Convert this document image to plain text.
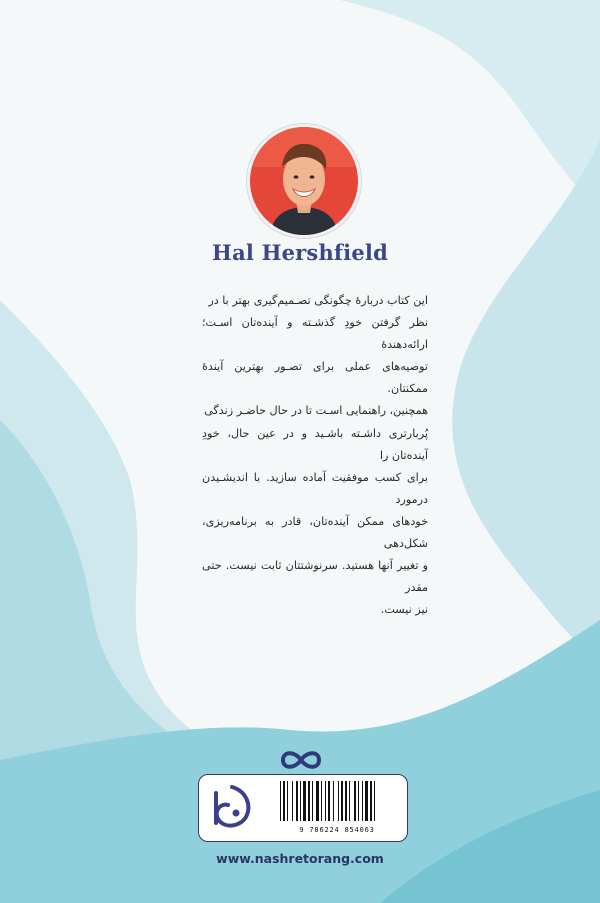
Hal Hershfield
این کتاب دربارهٔ چگونگی تصـمیم‌گیری بهتر با در
نظر گرفتن خودِ گذشـته و آینده‌تان اسـت؛ ارائه‌دهندهٔ
توصیه‌های عملی برای تصـور بهترین آیندهٔ ممکنتان.
همچنین، راهنمایی اسـت تا در حال حاضـر زندگی
پُربارتری داشـته باشـید و در عین حال، خودِ آینده‌تان را
برای کسب موفقیت آماده سازید. با اندیشـیدن درمورد
خودهای ممکن آینده‌تان، قادر به برنامه‌ریزی، شکل‌دهی
و تغییر آنها هستید. سرنوشتتان ثابت نیست. حتی مقدر
نیز نیست.
9 786224 854063
www.nashretorang.com
